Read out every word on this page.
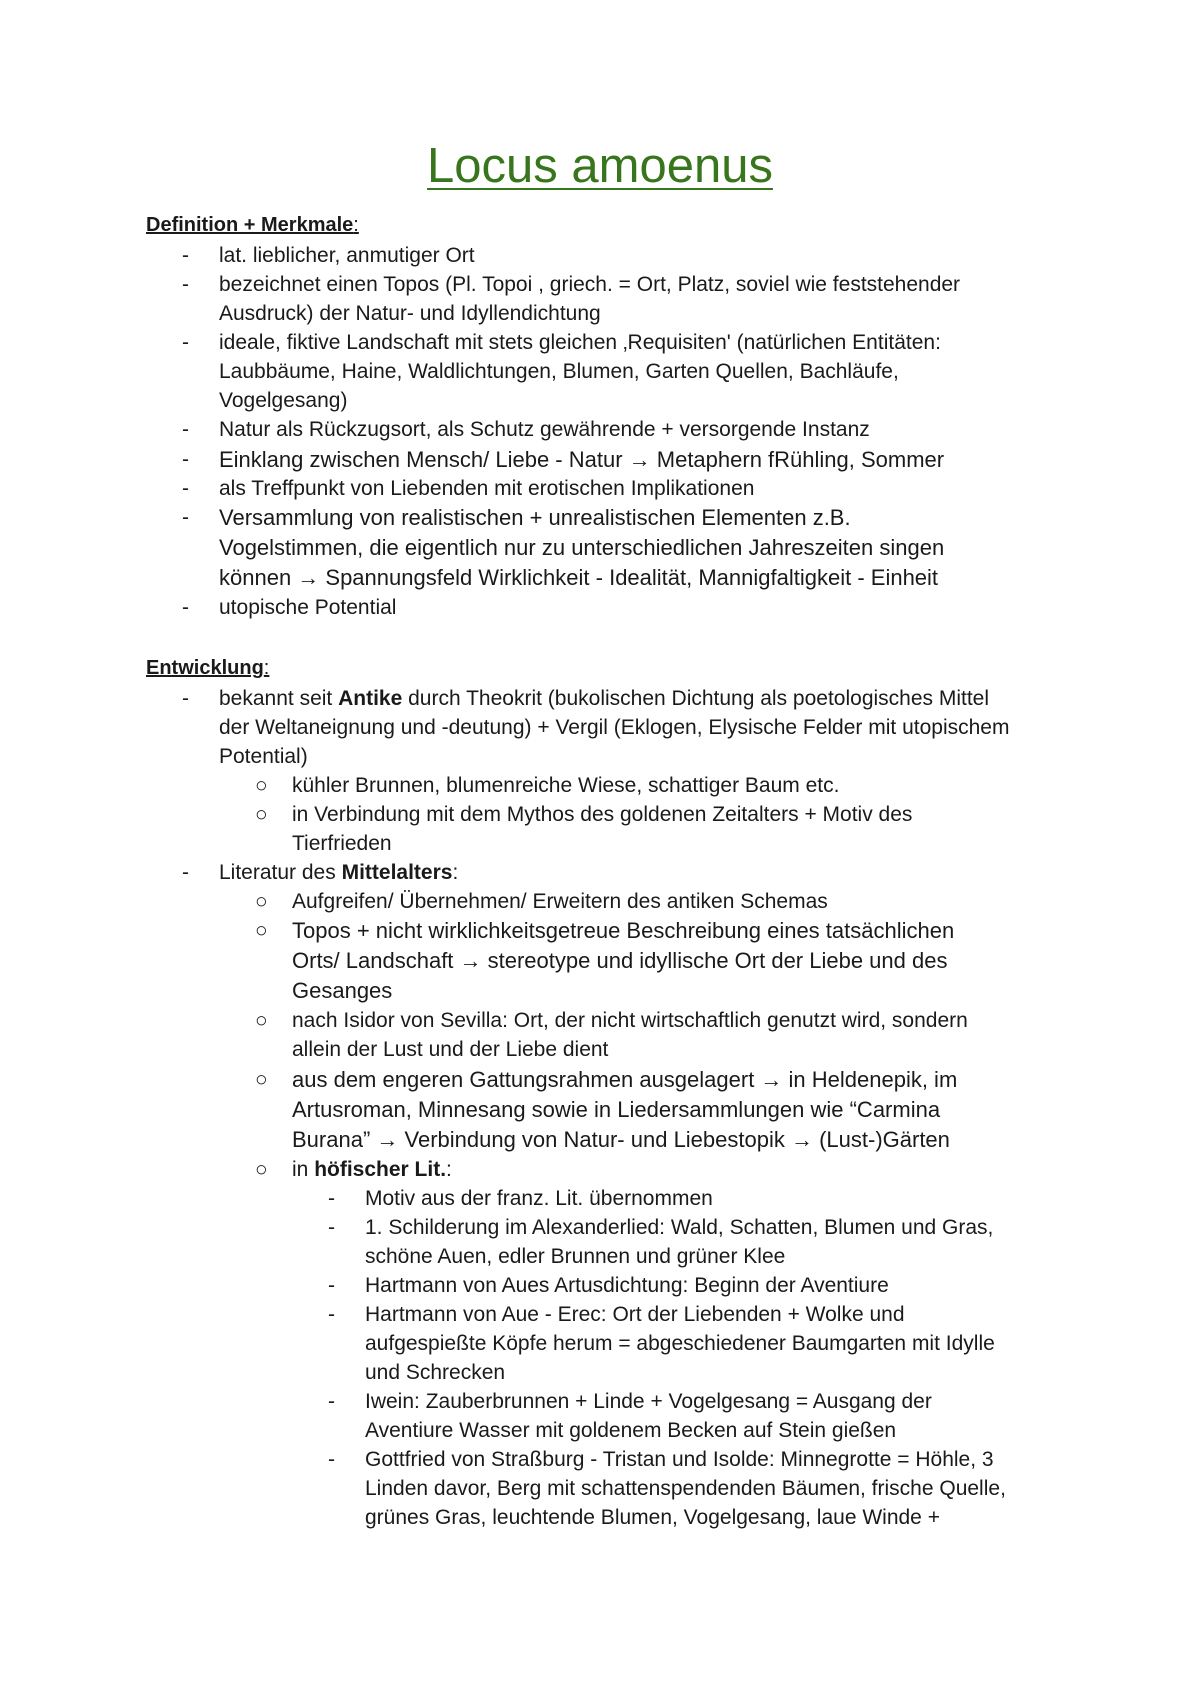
Locus amoenus
Definition + Merkmale:
- lat. lieblicher, anmutiger Ort
- bezeichnet einen Topos (Pl. Topoi , griech. = Ort, Platz, soviel wie feststehender
Ausdruck) der Natur- und Idyllendichtung
- ideale, fiktive Landschaft mit stets gleichen ‚Requisiten' (natürlichen Entitäten:
Laubbäume, Haine, Waldlichtungen, Blumen, Garten Quellen, Bachläufe,
Vogelgesang)
- Natur als Rückzugsort, als Schutz gewährende + versorgende Instanz
- Einklang zwischen Mensch/ Liebe - Natur → Metaphern fRühling, Sommer
- als Treffpunkt von Liebenden mit erotischen Implikationen
- Versammlung von realistischen + unrealistischen Elementen z.B.
Vogelstimmen, die eigentlich nur zu unterschiedlichen Jahreszeiten singen
können → Spannungsfeld Wirklichkeit - Idealität, Mannigfaltigkeit - Einheit
- utopische Potential
Entwicklung:
- bekannt seit Antike durch Theokrit (bukolischen Dichtung als poetologisches Mittel
der Weltaneignung und -deutung) + Vergil (Eklogen, Elysische Felder mit utopischem
Potential)
○ kühler Brunnen, blumenreiche Wiese, schattiger Baum etc.
○ in Verbindung mit dem Mythos des goldenen Zeitalters + Motiv des
Tierfrieden
- Literatur des Mittelalters:
○ Aufgreifen/ Übernehmen/ Erweitern des antiken Schemas
○ Topos + nicht wirklichkeitsgetreue Beschreibung eines tatsächlichen
Orts/ Landschaft → stereotype und idyllische Ort der Liebe und des
Gesanges
○ nach Isidor von Sevilla: Ort, der nicht wirtschaftlich genutzt wird, sondern
allein der Lust und der Liebe dient
○ aus dem engeren Gattungsrahmen ausgelagert → in Heldenepik, im
Artusroman, Minnesang sowie in Liedersammlungen wie “Carmina
Burana” → Verbindung von Natur- und Liebestopik → (Lust-)Gärten
○ in höfischer Lit.:
- Motiv aus der franz. Lit. übernommen
- 1. Schilderung im Alexanderlied: Wald, Schatten, Blumen und Gras,
schöne Auen, edler Brunnen und grüner Klee
- Hartmann von Aues Artusdichtung: Beginn der Aventiure
- Hartmann von Aue - Erec: Ort der Liebenden + Wolke und
aufgespießte Köpfe herum = abgeschiedener Baumgarten mit Idylle
und Schrecken
- Iwein: Zauberbrunnen + Linde + Vogelgesang = Ausgang der
Aventiure Wasser mit goldenem Becken auf Stein gießen
- Gottfried von Straßburg - Tristan und Isolde: Minnegrotte = Höhle, 3
Linden davor, Berg mit schattenspendenden Bäumen, frische Quelle,
grünes Gras, leuchtende Blumen, Vogelgesang, laue Winde +
